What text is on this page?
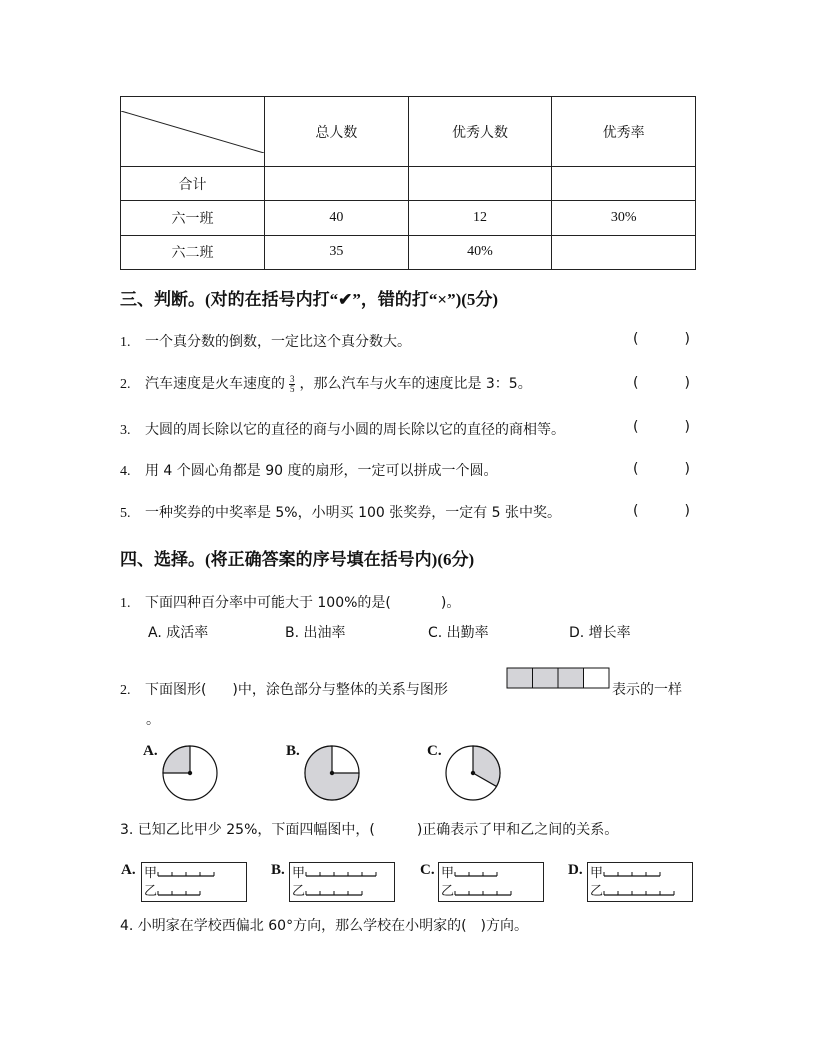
	总人数	优秀人数	优秀率
合计			
六一班	40	12	30%
六二班	35	40%	
三、判断。(对的在括号内打“✔”，错的打“×”)(5分)
1. 一个真分数的倒数，一定比这个真分数大。
2. 汽车速度是火车速度的 $\frac{3}{5}$ ，那么汽车与火车的速度比是 3：5。
3. 大圆的周长除以它的直径的商与小圆的周长除以它的直径的商相等。
4. 用 4 个圆心角都是 90 度的扇形，一定可以拼成一个圆。
5. 一种奖券的中奖率是 5%，小明买 100 张奖券，一定有 5 张中奖。
(	)
(	)
(	)
(	)
(	)
四、选择。(将正确答案的序号填在括号内)(6分)
1. 下面四种百分率中可能大于 100%的是(	)。
A. 成活率	B. 出油率	C. 出勤率	D. 增长率
2. 下面图形( )中，涂色部分与整体的关系与图形	表示的一样
。
A.	B.	C.
3. 已知乙比甲少 25%，下面四幅图中，(	)正确表示了甲和乙之间的关系。
A. 甲
乙
B. 甲
乙
C. 甲
乙
D. 甲
乙
4. 小明家在学校西偏北 60°方向，那么学校在小明家的( )方向。
